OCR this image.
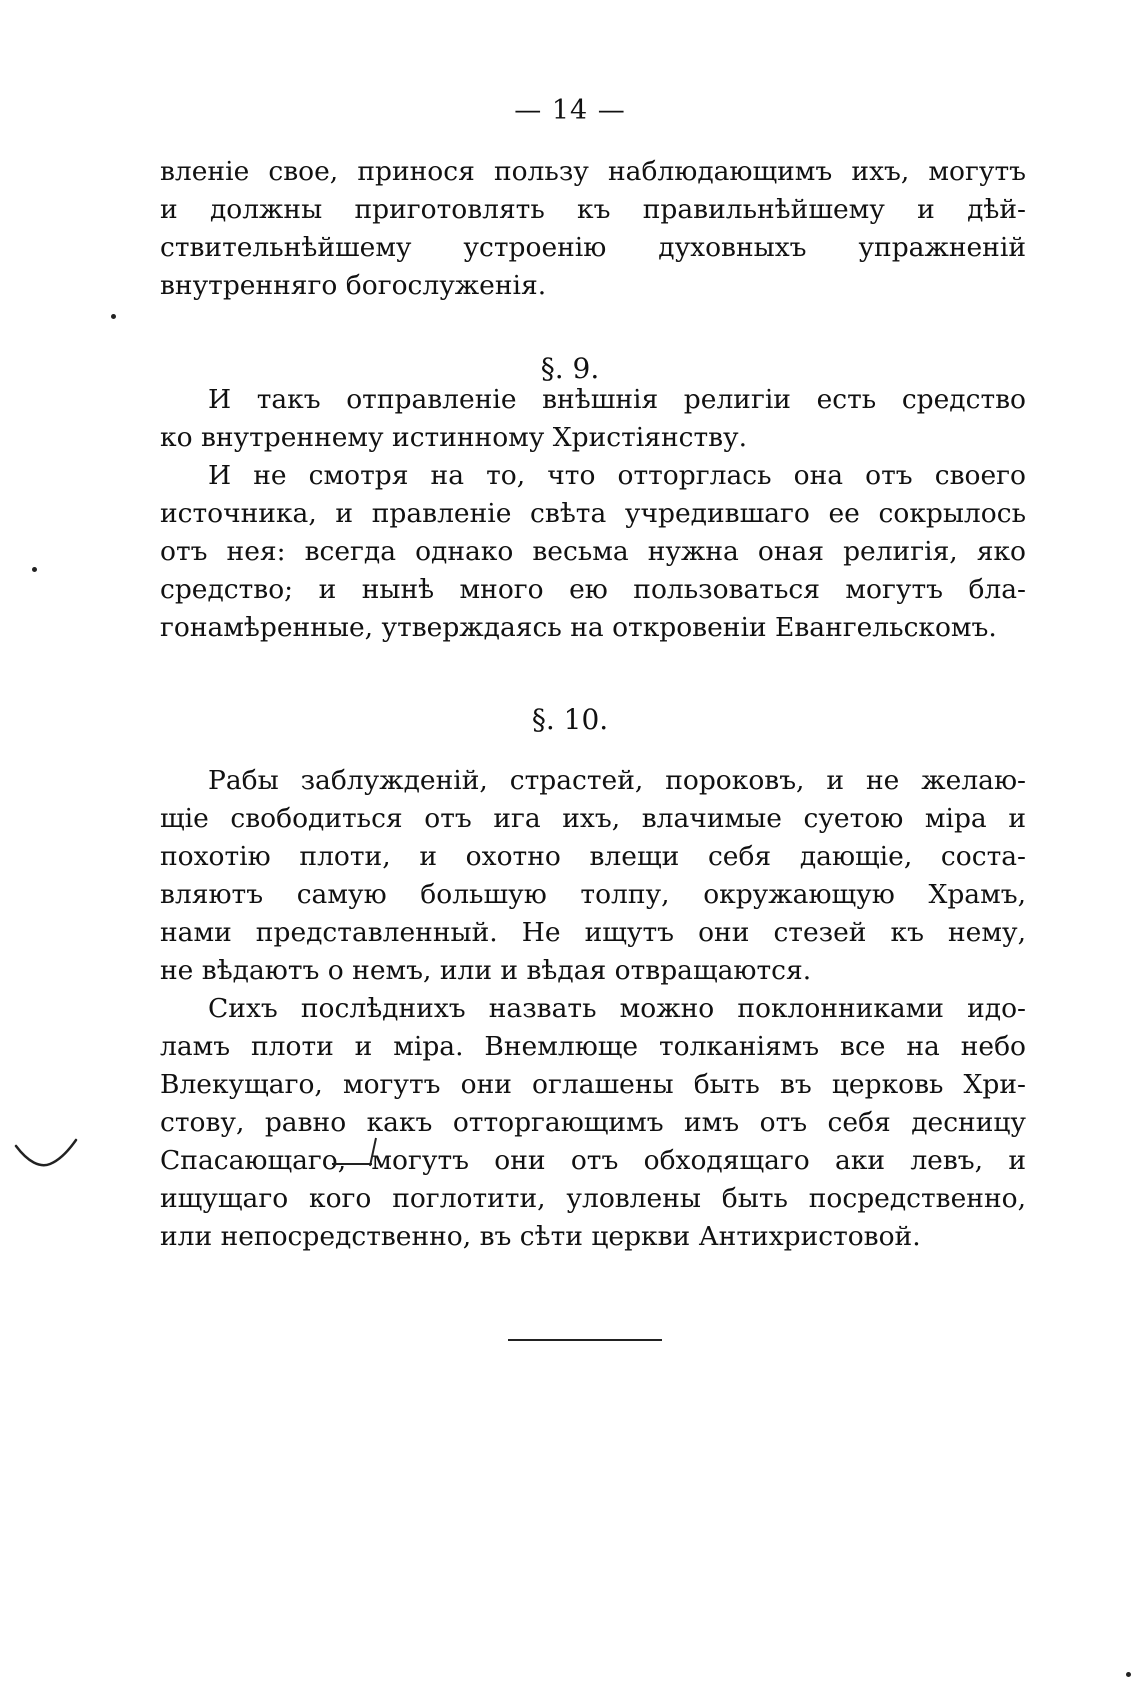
— 14 —
вленіе свое, принося пользу наблюдающимъ ихъ, могутъ
и должны приготовлять къ правильнѣйшему и дѣй-
ствительнѣйшему устроенію духовныхъ упражненій
внутренняго богослуженія.
§. 9.
И такъ отправленіе внѣшнія религіи есть средство
ко внутреннему истинному Христіянству.
И не смотря на то, что отторглась она отъ своего
источника, и правленіе свѣта учредившаго ее сокрылось
отъ нея: всегда однако весьма нужна оная религія, яко
средство; и нынѣ много ею пользоваться могутъ бла-
гонамѣренные, утверждаясь на откровеніи Евангельскомъ.
§. 10.
Рабы заблужденій, страстей, пороковъ, и не желаю-
щіе свободиться отъ ига ихъ, влачимые суетою міра и
похотію плоти, и охотно влещи себя дающіе, соста-
вляютъ самую большую толпу, окружающую Храмъ,
нами представленный. Не ищутъ они стезей къ нему,
не вѣдаютъ о немъ, или и вѣдая отвращаются.
Сихъ послѣднихъ назвать можно поклонниками идо-
ламъ плоти и міра. Внемлюще толканіямъ все на небо
Влекущаго, могутъ они оглашены быть въ церковь Хри-
стову, равно какъ отторгающимъ имъ отъ себя десницу
Спасающаго, могутъ они отъ обходящаго аки левъ, и
ищущаго кого поглотити, уловлены быть посредственно,
или непосредственно, въ сѣти церкви Антихристовой.
